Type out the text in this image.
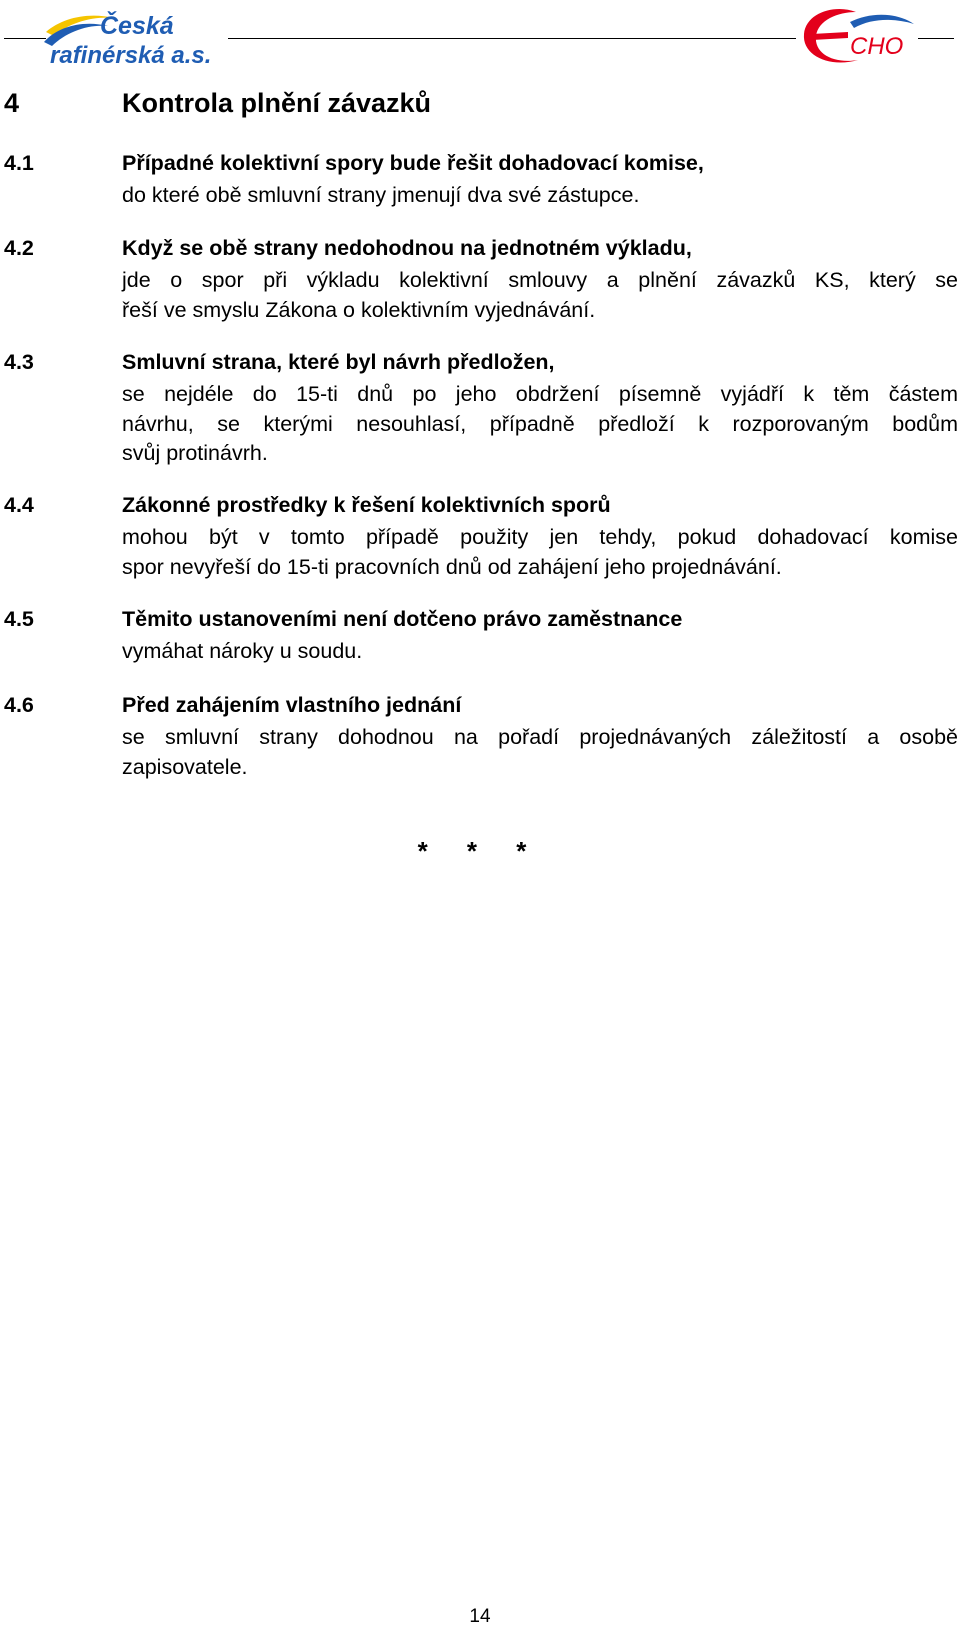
Česká
rafinérská a.s.	CHO
4	Kontrola plnění závazků
4.1	Případné kolektivní spory bude řešit dohadovací komise,
do které obě smluvní strany jmenují dva své zástupce.
4.2	Když se obě strany nedohodnou na jednotném výkladu,
jde o spor při výkladu kolektivní smlouvy a plnění závazků KS, který se
řeší ve smyslu Zákona o kolektivním vyjednávání.
4.3	Smluvní strana, které byl návrh předložen,
se nejdéle do 15-ti dnů po jeho obdržení písemně vyjádří k těm částem
návrhu, se kterými nesouhlasí, případně předloží k rozporovaným bodům
svůj protinávrh.
4.4	Zákonné prostředky k řešení kolektivních sporů
mohou být v tomto případě použity jen tehdy, pokud dohadovací komise
spor nevyřeší do 15-ti pracovních dnů od zahájení jeho projednávání.
4.5	Těmito ustanoveními není dotčeno právo zaměstnance
vymáhat nároky u soudu.
4.6	Před zahájením vlastního jednání
se smluvní strany dohodnou na pořadí projednávaných záležitostí a osobě
zapisovatele.
* * *
14
